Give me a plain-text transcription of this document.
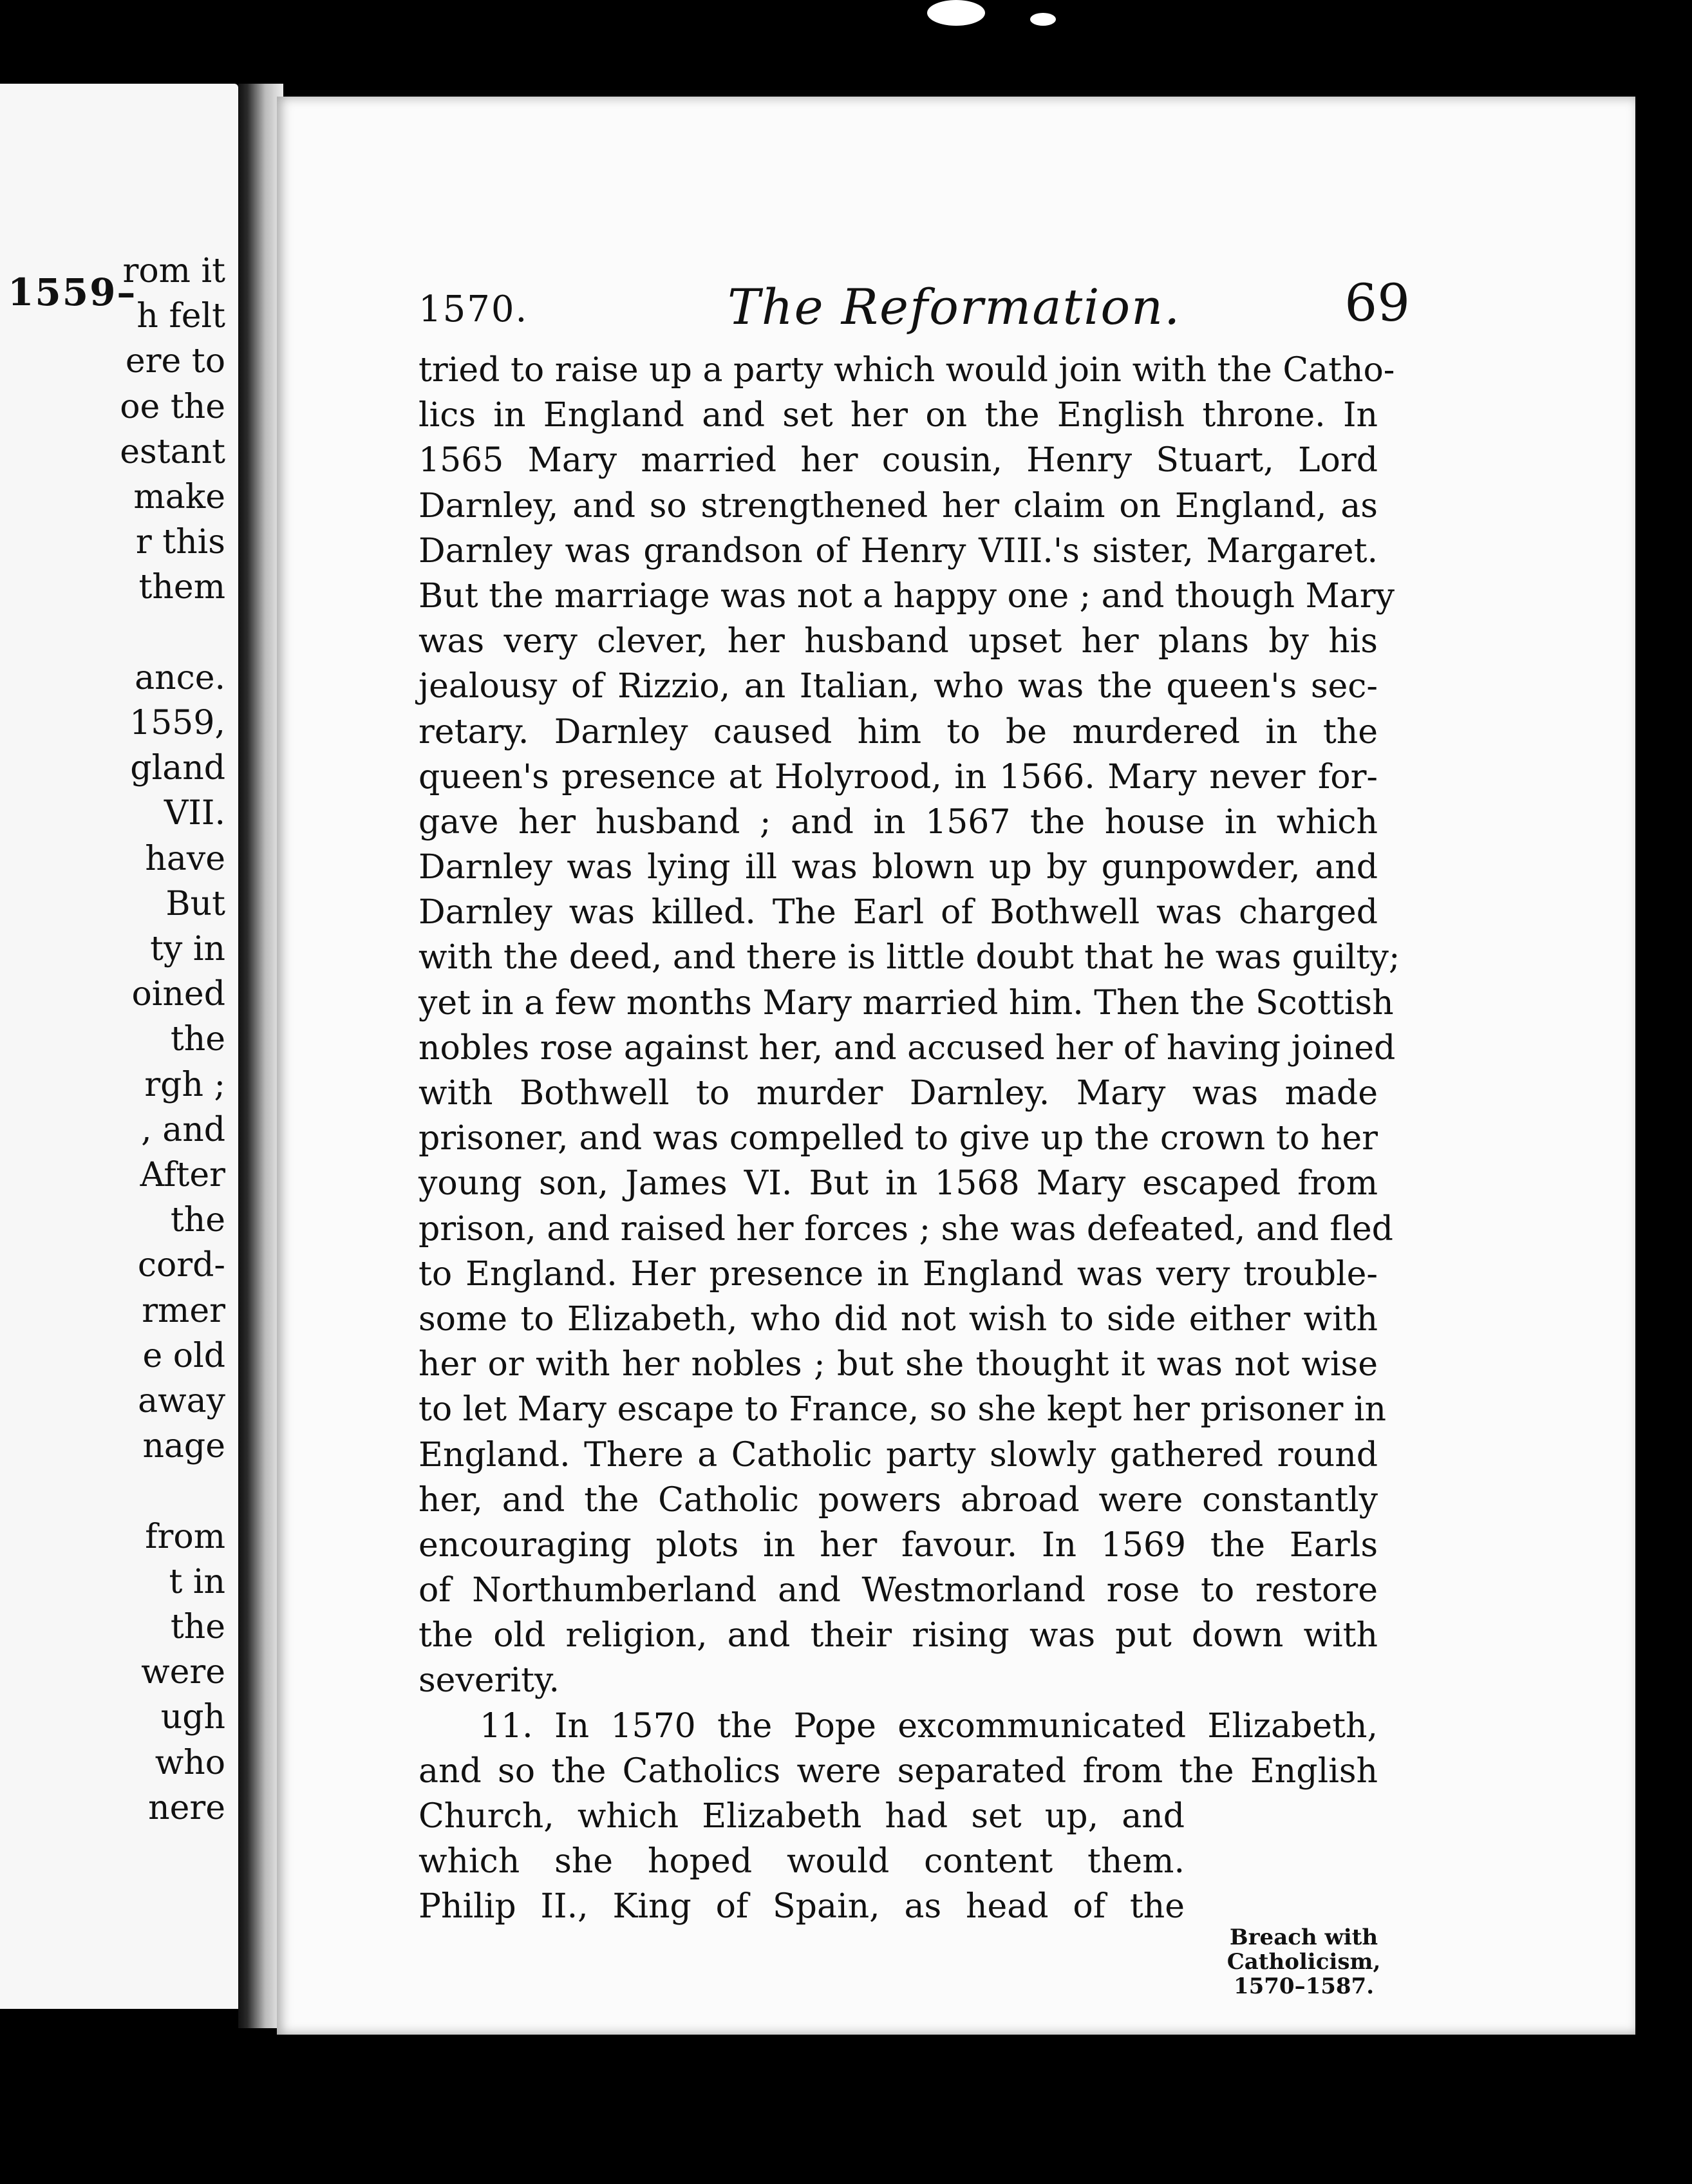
1559–
rom it
h felt
ere to
oe the
estant
make
r this
them
ance.
1559,
gland
VII.
have
But
ty in
oined
the
rgh ;
, and
After
the
cord-
rmer
e old
away
nage
from
t in
the
were
ugh
who
nere
1570.	The Reformation.	69
tried to raise up a party which would join with the Catho-
lics in England and set her on the English throne. In
1565 Mary married her cousin, Henry Stuart, Lord
Darnley, and so strengthened her claim on England, as
Darnley was grandson of Henry VIII.'s sister, Margaret.
But the marriage was not a happy one ; and though Mary
was very clever, her husband upset her plans by his
jealousy of Rizzio, an Italian, who was the queen's sec-
retary. Darnley caused him to be murdered in the
queen's presence at Holyrood, in 1566. Mary never for-
gave her husband ; and in 1567 the house in which
Darnley was lying ill was blown up by gunpowder, and
Darnley was killed. The Earl of Bothwell was charged
with the deed, and there is little doubt that he was guilty;
yet in a few months Mary married him. Then the Scottish
nobles rose against her, and accused her of having joined
with Bothwell to murder Darnley. Mary was made
prisoner, and was compelled to give up the crown to her
young son, James VI. But in 1568 Mary escaped from
prison, and raised her forces ; she was defeated, and fled
to England. Her presence in England was very trouble-
some to Elizabeth, who did not wish to side either with
her or with her nobles ; but she thought it was not wise
to let Mary escape to France, so she kept her prisoner in
England. There a Catholic party slowly gathered round
her, and the Catholic powers abroad were constantly
encouraging plots in her favour. In 1569 the Earls
of Northumberland and Westmorland rose to restore
the old religion, and their rising was put down with
severity.
11. In 1570 the Pope excommunicated Elizabeth,
and so the Catholics were separated from the English
Church, which Elizabeth had set up, and
which she hoped would content them.
Philip II., King of Spain, as head of the
Breach with
Catholicism,
1570–1587.
